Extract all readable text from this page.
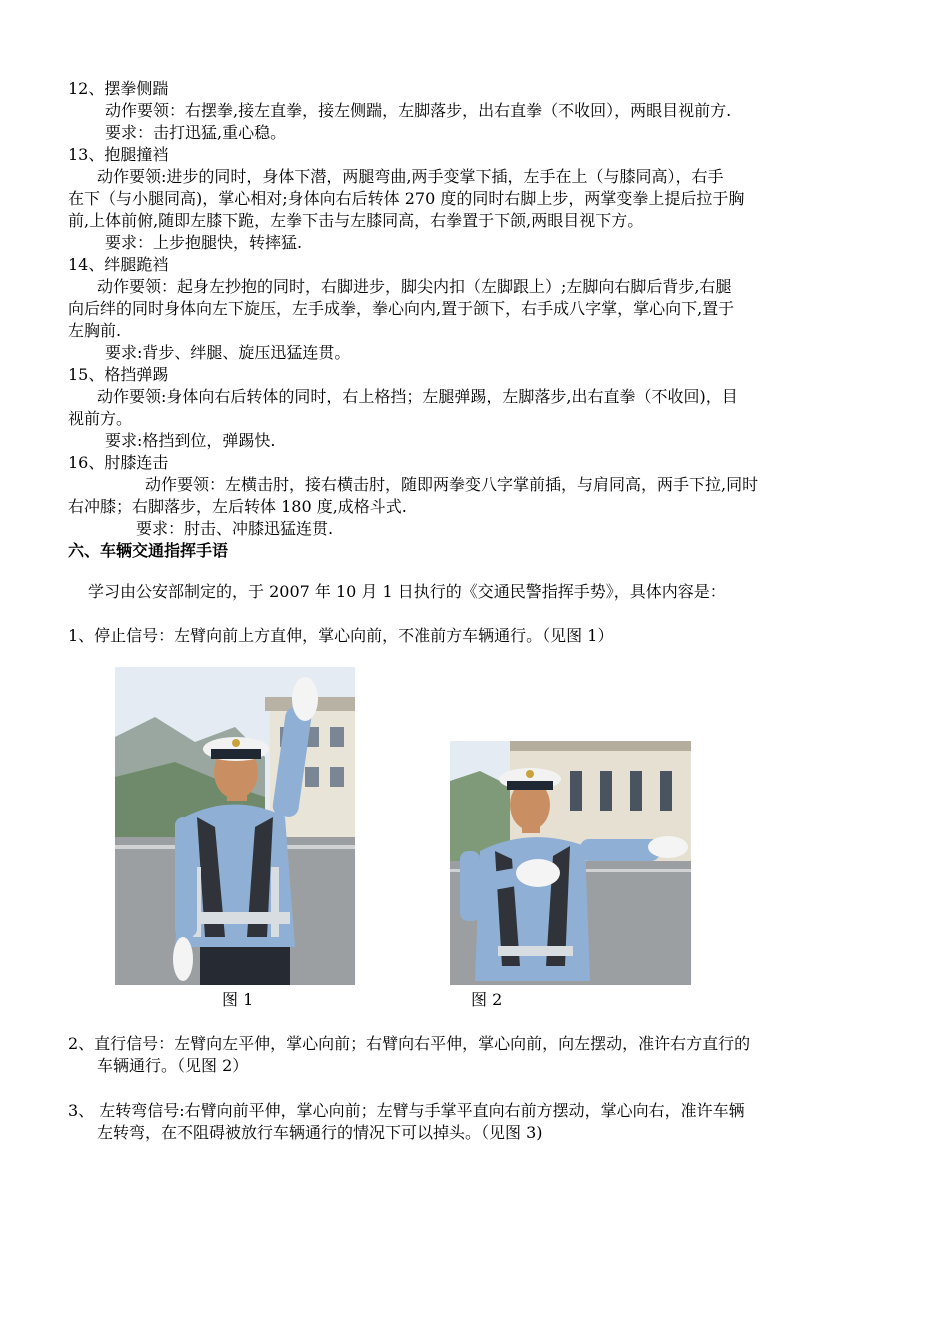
12、摆拳侧踹
动作要领：右摆拳,接左直拳，接左侧踹，左脚落步，出右直拳（不收回），两眼目视前方.
要求：击打迅猛,重心稳。
13、抱腿撞裆
动作要领:进步的同时，身体下潜，两腿弯曲,两手变掌下插，左手在上（与膝同高），右手
在下（与小腿同高)，掌心相对;身体向右后转体 270 度的同时右脚上步，两掌变拳上提后拉于胸
前,上体前俯,随即左膝下跪，左拳下击与左膝同高，右拳置于下颌,两眼目视下方。
要求：上步抱腿快，转摔猛.
14、绊腿跪裆
动作要领：起身左抄抱的同时，右脚进步，脚尖内扣（左脚跟上）;左脚向右脚后背步,右腿
向后绊的同时身体向左下旋压，左手成拳，拳心向内,置于颌下，右手成八字掌，掌心向下,置于
左胸前.
要求:背步、绊腿、旋压迅猛连贯。
15、格挡弹踢
动作要领:身体向右后转体的同时，右上格挡；左腿弹踢，左脚落步,出右直拳（不收回)，目
视前方。
要求:格挡到位，弹踢快.
16、肘膝连击
动作要领：左横击肘，接右横击肘，随即两拳变八字掌前插，与肩同高，两手下拉,同时
右冲膝；右脚落步，左后转体 180 度,成格斗式.
要求：肘击、冲膝迅猛连贯.
六、车辆交通指挥手语
学习由公安部制定的，于 2007 年 10 月 1 日执行的《交通民警指挥手势》，具体内容是：
1、停止信号：左臂向前上方直伸，掌心向前，不准前方车辆通行。（见图 1）
图 1	图 2
2、直行信号：左臂向左平伸，掌心向前；右臂向右平伸，掌心向前，向左摆动，准许右方直行的
车辆通行。（见图 2）
3、 左转弯信号:右臂向前平伸，掌心向前；左臂与手掌平直向右前方摆动，掌心向右，准许车辆
左转弯，在不阻碍被放行车辆通行的情况下可以掉头。（见图 3)
